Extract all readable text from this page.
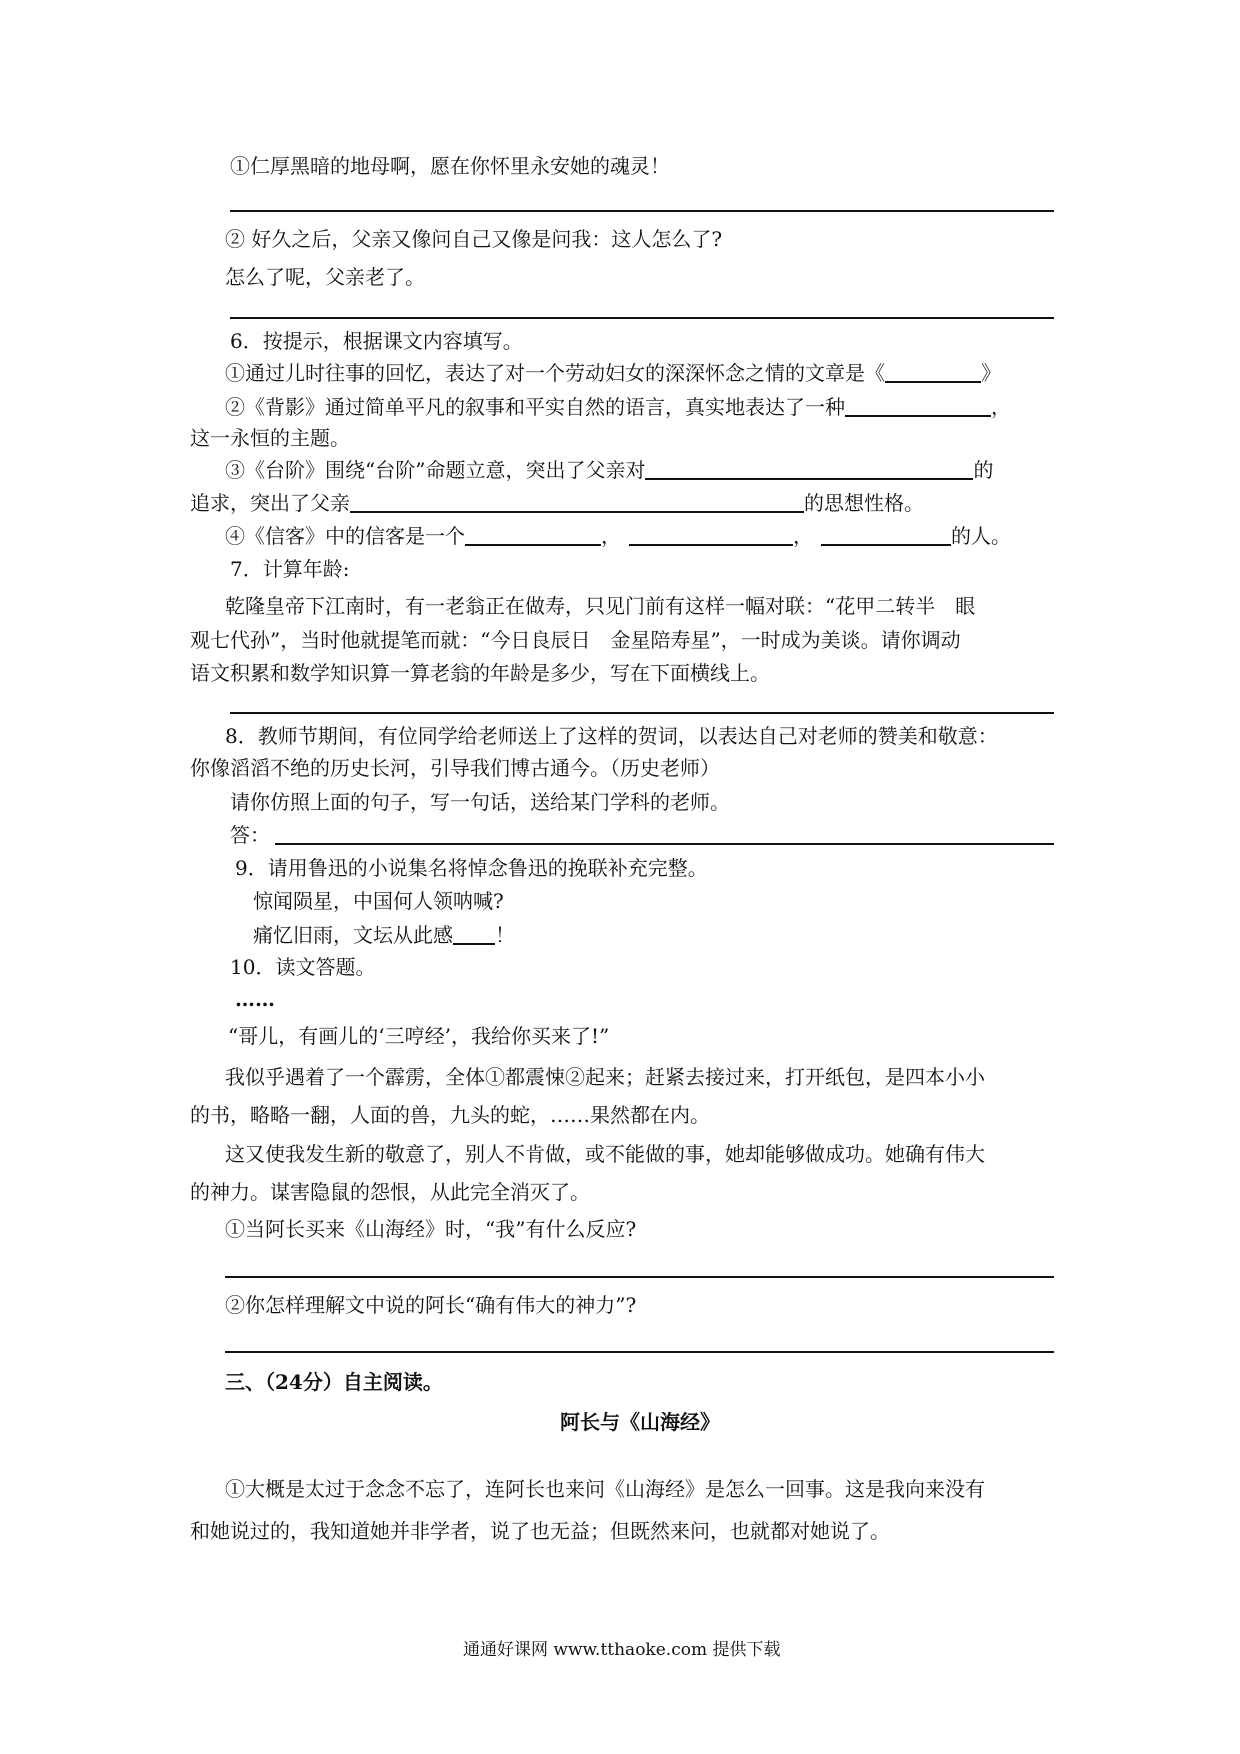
①仁厚黑暗的地母啊，愿在你怀里永安她的魂灵！
② 好久之后，父亲又像问自己又像是问我：这人怎么了?
怎么了呢，父亲老了。
6．按提示，根据课文内容填写。
①通过儿时往事的回忆，表达了对一个劳动妇女的深深怀念之情的文章是《	》
②《背影》通过简单平凡的叙事和平实自然的语言，真实地表达了一种	，
这一永恒的主题。
③《台阶》围绕“台阶”命题立意，突出了父亲对	的
追求，突出了父亲	的思想性格。
④《信客》中的信客是一个	，	，	的人。
7．计算年龄:
乾隆皇帝下江南时，有一老翁正在做寿，只见门前有这样一幅对联：“花甲二转半　眼
观七代孙”，当时他就提笔而就：“今日良辰日　金星陪寿星”，一时成为美谈。请你调动
语文积累和数学知识算一算老翁的年龄是多少，写在下面横线上。
8．教师节期间，有位同学给老师送上了这样的贺词，以表达自己对老师的赞美和敬意：
你像滔滔不绝的历史长河，引导我们博古通今。（历史老师）
请你仿照上面的句子，写一句话，送给某门学科的老师。
答：
9．请用鲁迅的小说集名将悼念鲁迅的挽联补充完整。
惊闻陨星，中国何人领呐喊?
痛忆旧雨，文坛从此感 ！
10．读文答题。
……
“哥儿，有画儿的‘三哼经’，我给你买来了!”
我似乎遇着了一个霹雳，全体①都震悚②起来；赶紧去接过来，打开纸包，是四本小小
的书，略略一翻，人面的兽，九头的蛇，……果然都在内。
这又使我发生新的敬意了，别人不肯做，或不能做的事，她却能够做成功。她确有伟大
的神力。谋害隐鼠的怨恨，从此完全消灭了。
①当阿长买来《山海经》时，“我”有什么反应?
②你怎样理解文中说的阿长“确有伟大的神力”?
三、（24分）自主阅读。
阿长与《山海经》
①大概是太过于念念不忘了，连阿长也来问《山海经》是怎么一回事。这是我向来没有
和她说过的，我知道她并非学者，说了也无益；但既然来问，也就都对她说了。
通通好课网 www.tthaoke.com 提供下载
